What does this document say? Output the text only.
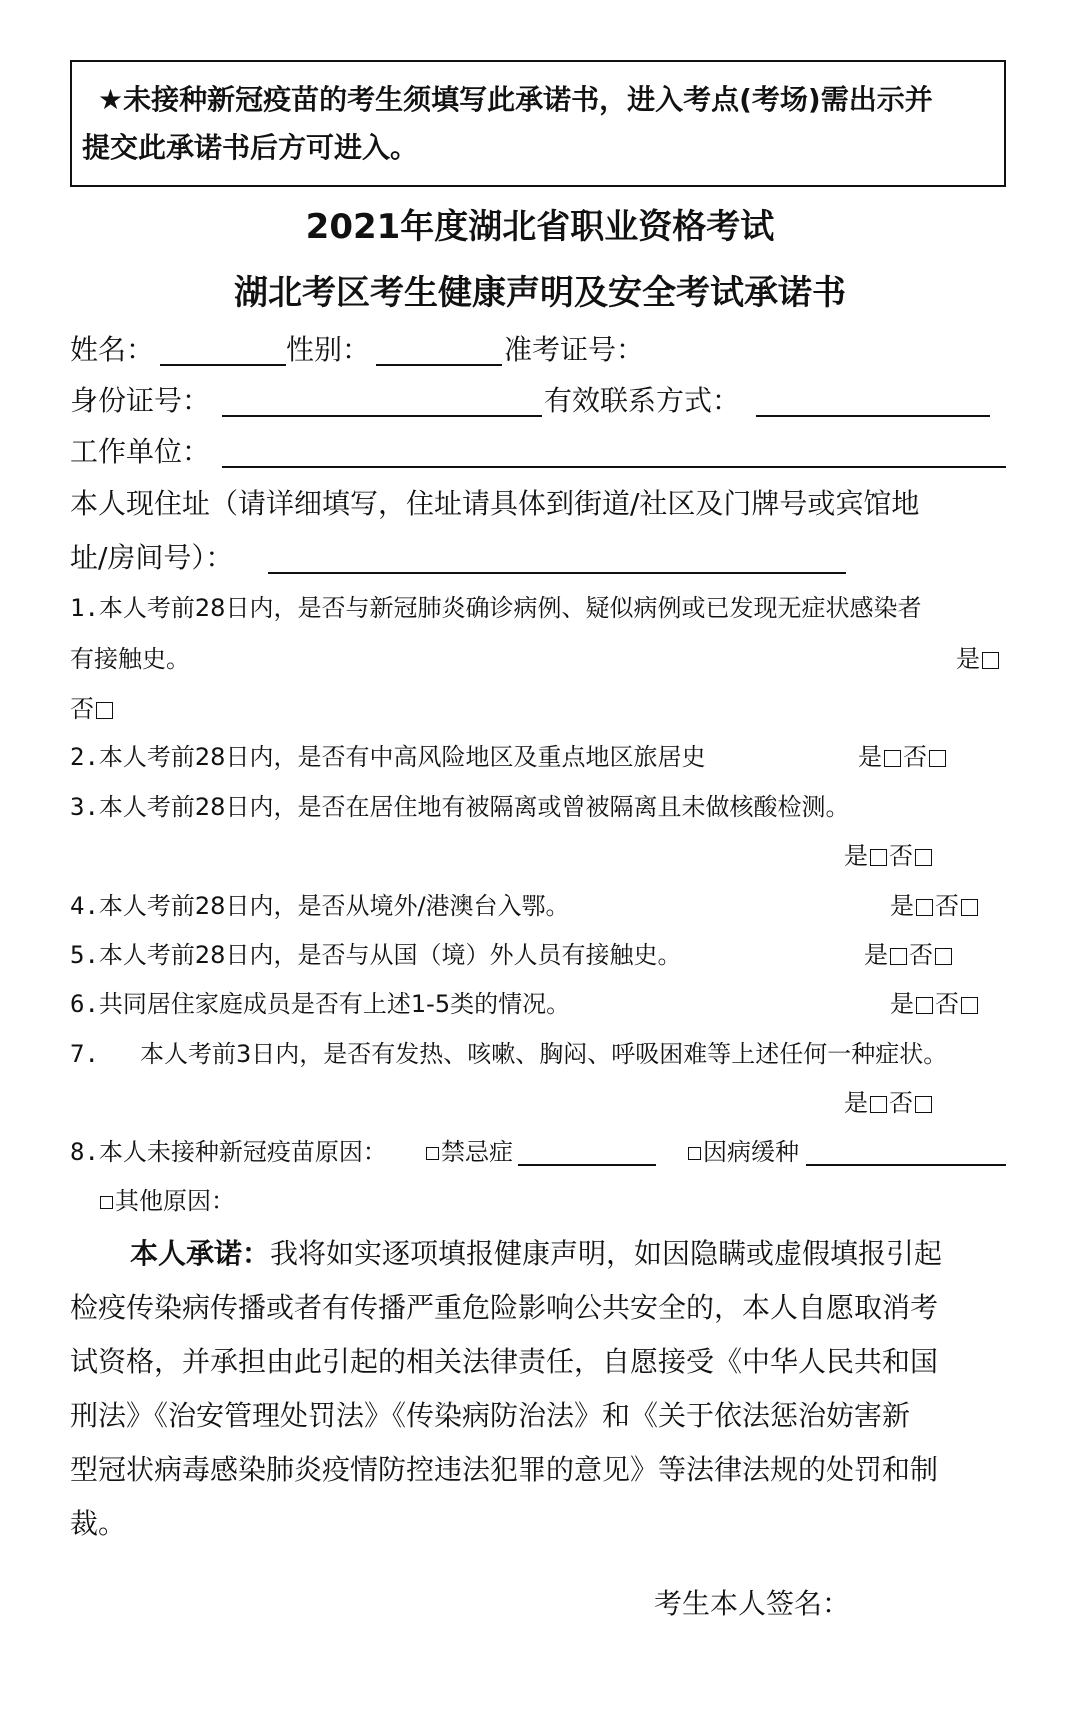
★未接种新冠疫苗的考生须填写此承诺书，进入考点(考场)需出示并
提交此承诺书后方可进入。
2021年度湖北省职业资格考试
湖北考区考生健康声明及安全考试承诺书
姓名：	性别：	准考证号：
身份证号：	有效联系方式：
工作单位：
本人现住址（请详细填写，住址请具体到街道/社区及门牌号或宾馆地
址/房间号）：
1.本人考前28日内，是否与新冠肺炎确诊病例、疑似病例或已发现无症状感染者
有接触史。	是
否
2.本人考前28日内，是否有中高风险地区及重点地区旅居史	是 否
3.本人考前28日内，是否在居住地有被隔离或曾被隔离且未做核酸检测。
是 否
4.本人考前28日内，是否从境外/港澳台入鄂。	是 否
5.本人考前28日内，是否与从国（境）外人员有接触史。	是 否
6.共同居住家庭成员是否有上述1-5类的情况。	是 否
7. 本人考前3日内，是否有发热、咳嗽、胸闷、呼吸困难等上述任何一种症状。
是 否
8.本人未接种新冠疫苗原因：	禁忌症	因病缓种
其他原因：
本人承诺：我将如实逐项填报健康声明，如因隐瞒或虚假填报引起
检疫传染病传播或者有传播严重危险影响公共安全的，本人自愿取消考
试资格，并承担由此引起的相关法律责任，自愿接受《中华人民共和国
刑法》《治安管理处罚法》《传染病防治法》和《关于依法惩治妨害新
型冠状病毒感染肺炎疫情防控违法犯罪的意见》等法律法规的处罚和制
裁。
考生本人签名：
